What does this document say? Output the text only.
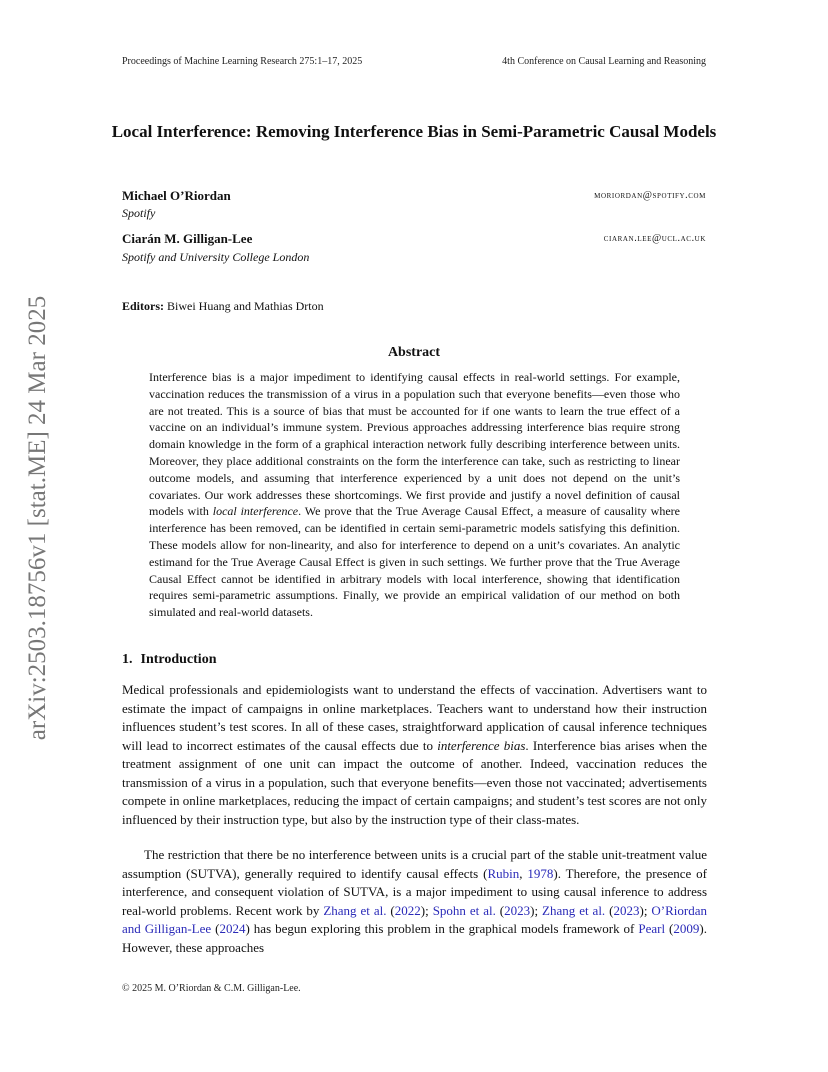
Proceedings of Machine Learning Research 275:1–17, 2025	4th Conference on Causal Learning and Reasoning
arXiv:2503.18756v1 [stat.ME] 24 Mar 2025
Local Interference: Removing Interference Bias in Semi-Parametric Causal Models
Michael O’Riordan	moriordan@spotify.com
Spotify
Ciarán M. Gilligan-Lee	ciaran.lee@ucl.ac.uk
Spotify and University College London
Editors: Biwei Huang and Mathias Drton
Abstract
Interference bias is a major impediment to identifying causal effects in real-world settings. For example, vaccination reduces the transmission of a virus in a population such that everyone benefits—even those who are not treated. This is a source of bias that must be accounted for if one wants to learn the true effect of a vaccine on an individual’s immune system. Previous approaches addressing interference bias require strong domain knowledge in the form of a graphical interaction network fully describing interference between units. Moreover, they place additional constraints on the form the interference can take, such as restricting to linear outcome models, and assuming that interference experienced by a unit does not depend on the unit’s covariates. Our work addresses these shortcomings. We first provide and justify a novel definition of causal models with local interference. We prove that the True Average Causal Effect, a measure of causality where interference has been removed, can be identified in certain semi-parametric models satisfying this definition. These models allow for non-linearity, and also for interference to depend on a unit’s covariates. An analytic estimand for the True Average Causal Effect is given in such settings. We further prove that the True Average Causal Effect cannot be identified in arbitrary models with local interference, showing that identification requires semi-parametric assumptions. Finally, we provide an empirical validation of our method on both simulated and real-world datasets.
1. Introduction
Medical professionals and epidemiologists want to understand the effects of vaccination. Advertisers want to estimate the impact of campaigns in online marketplaces. Teachers want to understand how their instruction influences student’s test scores. In all of these cases, straightforward application of causal inference techniques will lead to incorrect estimates of the causal effects due to interference bias. Interference bias arises when the treatment assignment of one unit can impact the outcome of another. Indeed, vaccination reduces the transmission of a virus in a population, such that everyone benefits—even those not vaccinated; advertisements compete in online marketplaces, reducing the impact of certain campaigns; and student’s test scores are not only influenced by their instruction type, but also by the instruction type of their class-mates.
The restriction that there be no interference between units is a crucial part of the stable unit-treatment value assumption (SUTVA), generally required to identify causal effects (Rubin, 1978). Therefore, the presence of interference, and consequent violation of SUTVA, is a major impediment to using causal inference to address real-world problems. Recent work by Zhang et al. (2022); Spohn et al. (2023); Zhang et al. (2023); O’Riordan and Gilligan-Lee (2024) has begun exploring this problem in the graphical models framework of Pearl (2009). However, these approaches
© 2025 M. O’Riordan & C.M. Gilligan-Lee.
